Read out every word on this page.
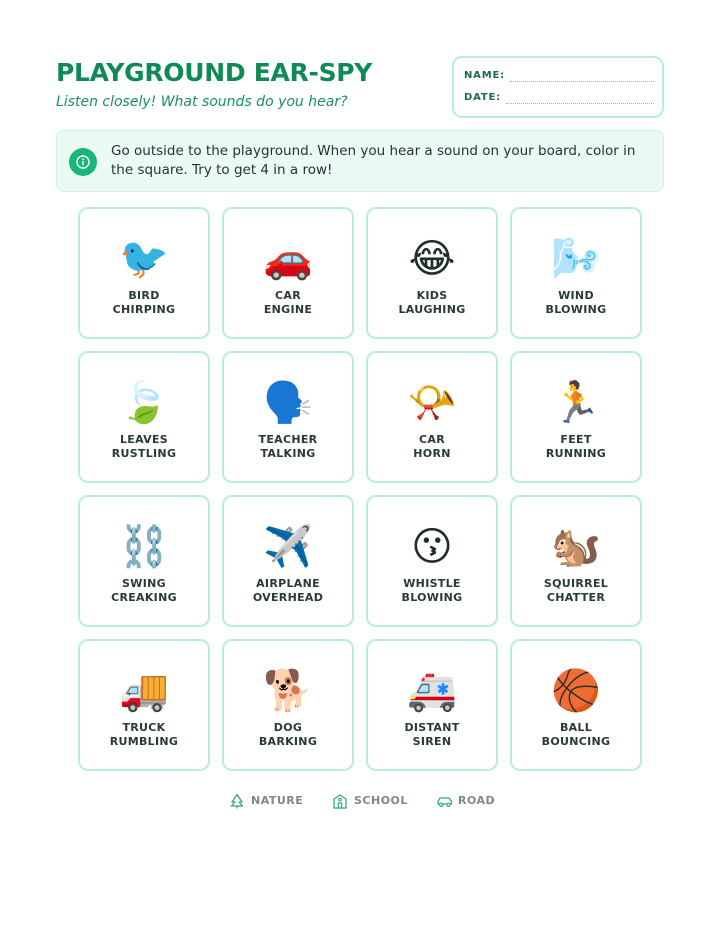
PLAYGROUND EAR-SPY
Listen closely! What sounds do you hear?
NAME:
DATE:
Go outside to the playground. When you hear a sound on your board, color in the square. Try to get 4 in a row!
🐦
BIRD
CHIRPING
🚗
CAR
ENGINE
😂
KIDS
LAUGHING
🌬️
WIND
BLOWING
🍃
LEAVES
RUSTLING
🗣️
TEACHER
TALKING
📯
CAR
HORN
🏃
FEET
RUNNING
⛓️
SWING
CREAKING
✈️
AIRPLANE
OVERHEAD
😗
WHISTLE
BLOWING
🐿️
SQUIRREL
CHATTER
🚚
TRUCK
RUMBLING
🐕
DOG
BARKING
🚑
DISTANT
SIREN
🏀
BALL
BOUNCING
NATURE	SCHOOL	ROAD
